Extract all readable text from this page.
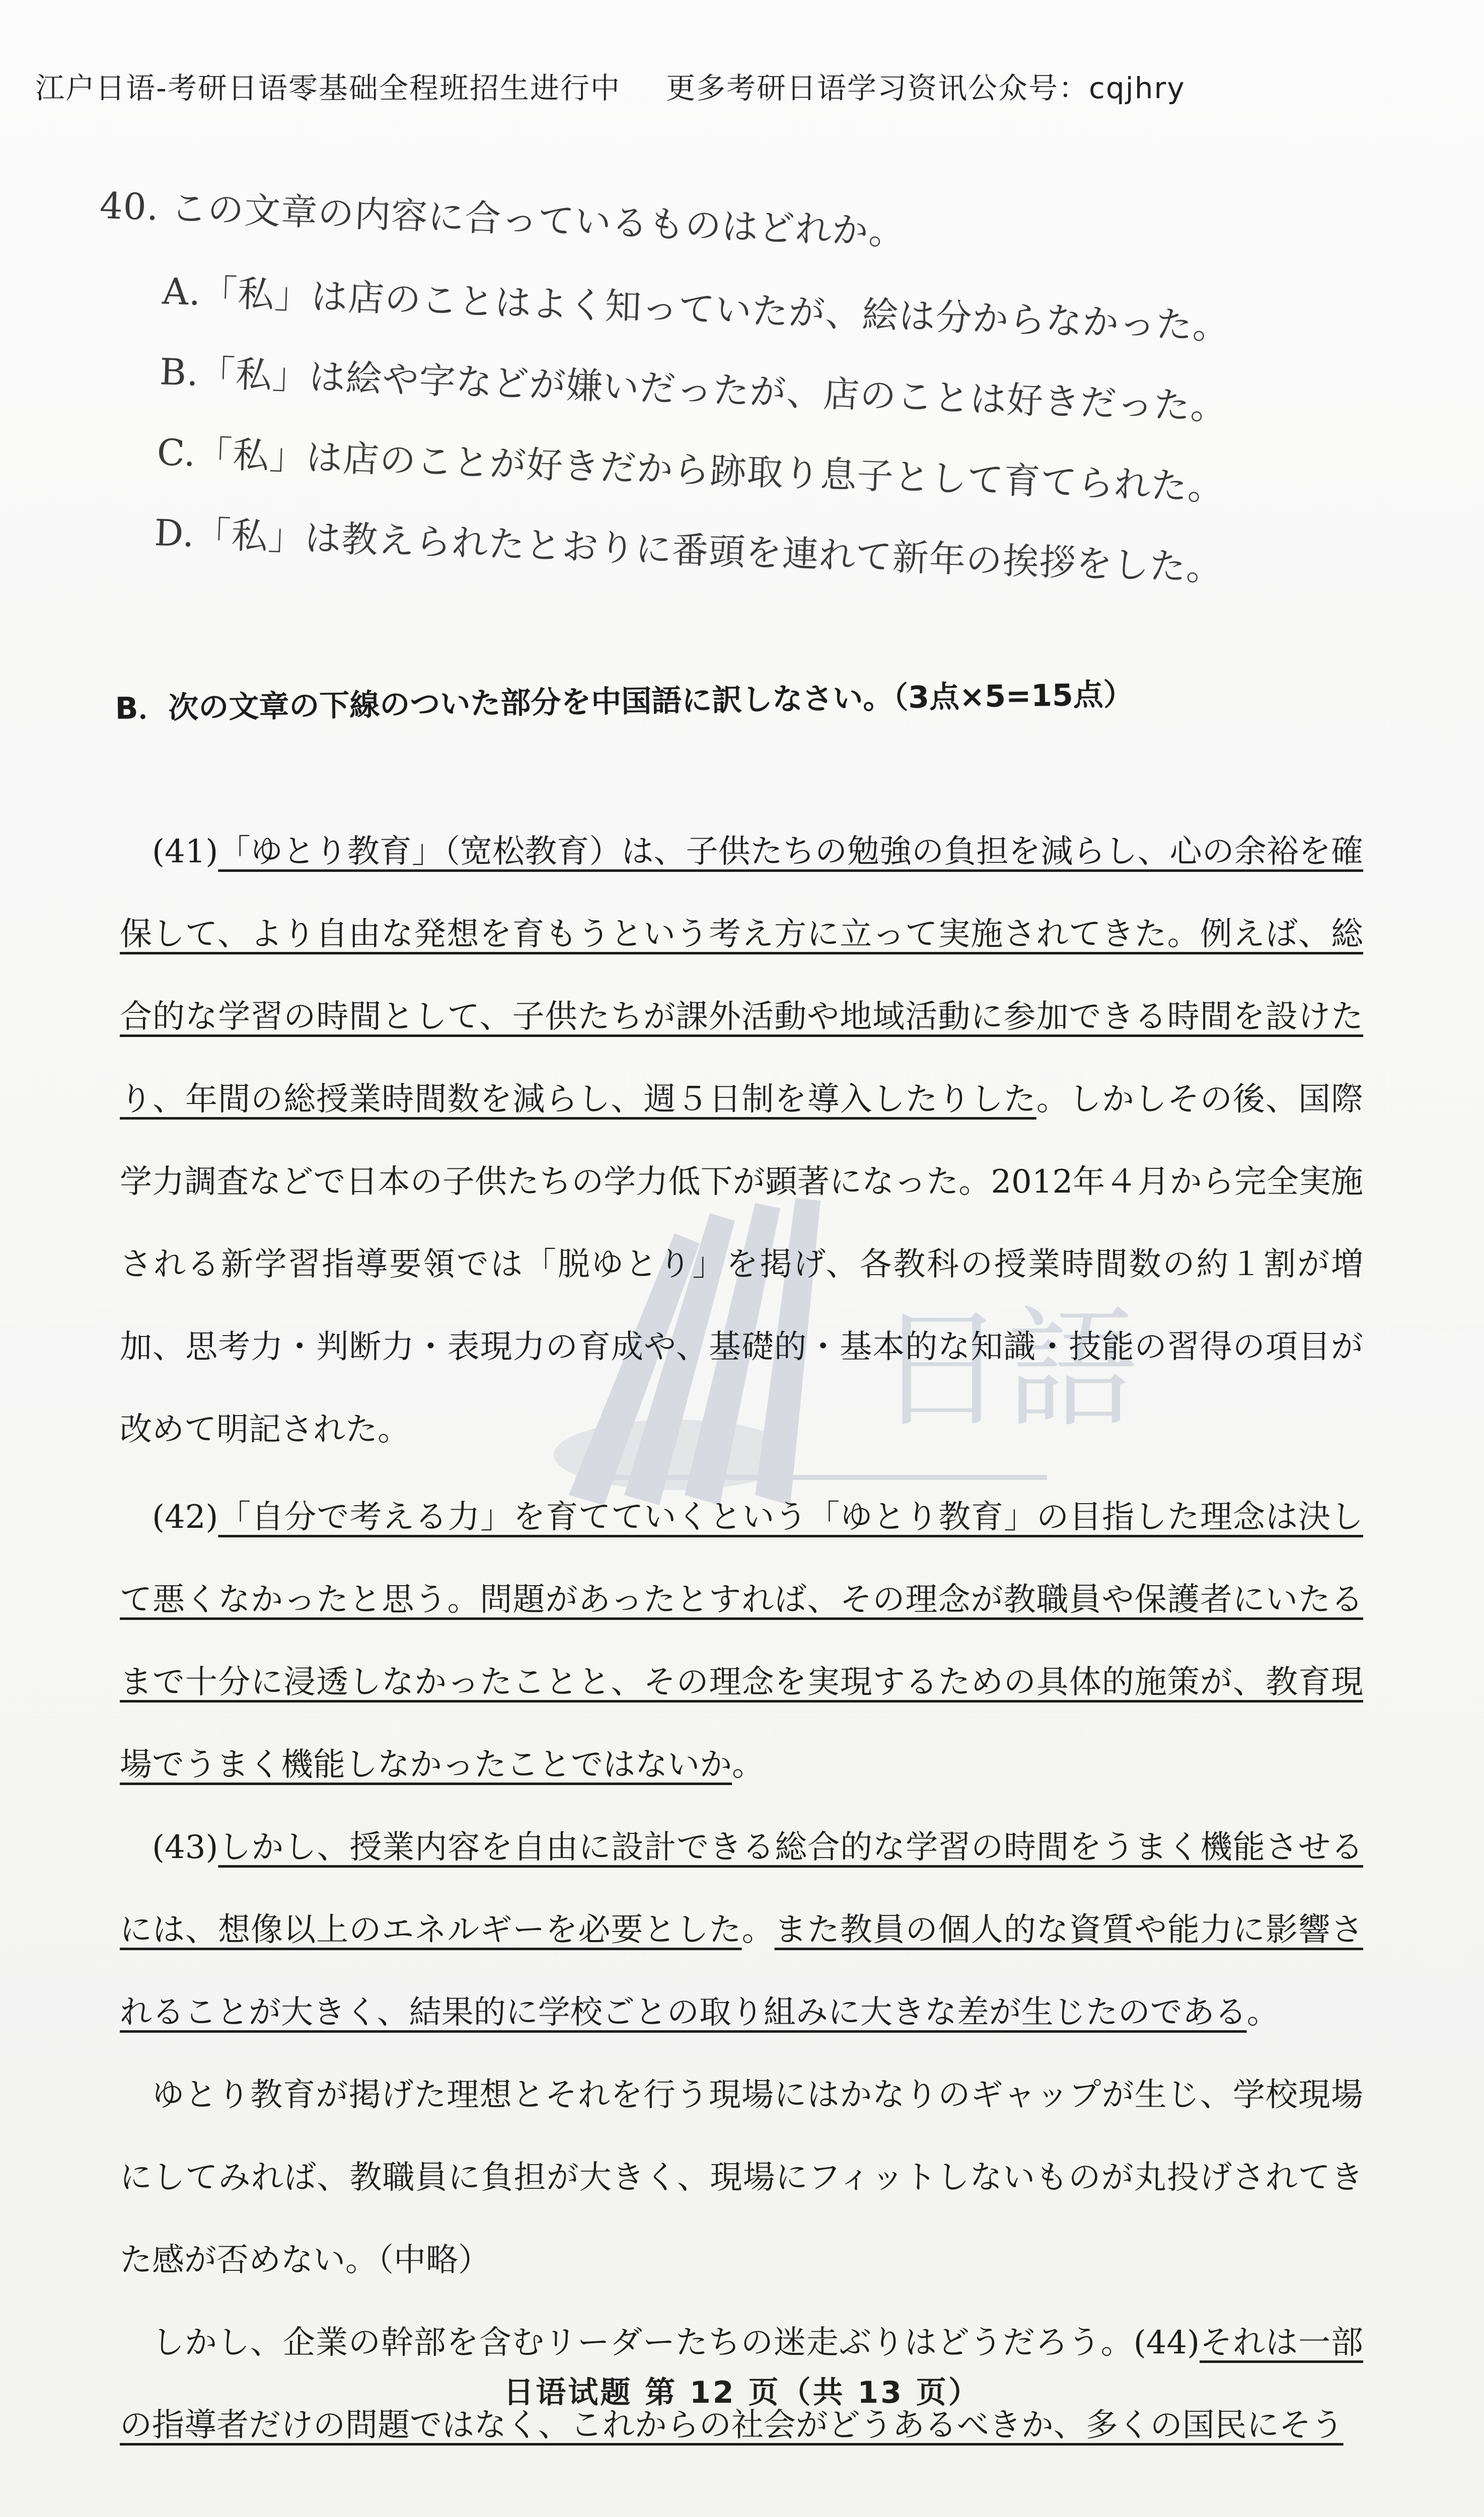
江户日语-考研日语零基础全程班招生进行中 更多考研日语学习资讯公众号：cqjhry
40. この文章の内容に合っているものはどれか。
A.「私」は店のことはよく知っていたが、絵は分からなかった。
B.「私」は絵や字などが嫌いだったが、店のことは好きだった。
C.「私」は店のことが好きだから跡取り息子として育てられた。
D.「私」は教えられたとおりに番頭を連れて新年の挨拶をした。
B．次の文章の下線のついた部分を中国語に訳しなさい。（3点×5=15点）
日語

(41)「ゆとり教育」（宽松教育）は、子供たちの勉強の負担を減らし、心の余裕を確保して、より自由な発想を育もうという考え方に立って実施されてきた。例えば、総合的な学習の時間として、子供たちが課外活動や地域活動に参加できる時間を設けたり、年間の総授業時間数を減らし、週５日制を導入したりした。しかしその後、国際学力調査などで日本の子供たちの学力低下が顕著になった。2012年４月から完全実施される新学習指導要領では「脱ゆとり」を掲げ、各教科の授業時間数の約１割が増加、思考力・判断力・表現力の育成や、基礎的・基本的な知識・技能の習得の項目が改めて明記された。

(42)「自分で考える力」を育てていくという「ゆとり教育」の目指した理念は決して悪くなかったと思う。問題があったとすれば、その理念が教職員や保護者にいたるまで十分に浸透しなかったことと、その理念を実現するための具体的施策が、教育現場でうまく機能しなかったことではないか。

(43)しかし、授業内容を自由に設計できる総合的な学習の時間をうまく機能させるには、想像以上のエネルギーを必要とした。また教員の個人的な資質や能力に影響されることが大きく、結果的に学校ごとの取り組みに大きな差が生じたのである。

ゆとり教育が掲げた理想とそれを行う現場にはかなりのギャップが生じ、学校現場にしてみれば、教職員に負担が大きく、現場にフィットしないものが丸投げされてきた感が否めない。（中略）

しかし、企業の幹部を含むリーダーたちの迷走ぶりはどうだろう。(44)それは一部の指導者だけの問題ではなく、これからの社会がどうあるべきか、多くの国民にそう

日语试题 第 12 页（共 13 页）
